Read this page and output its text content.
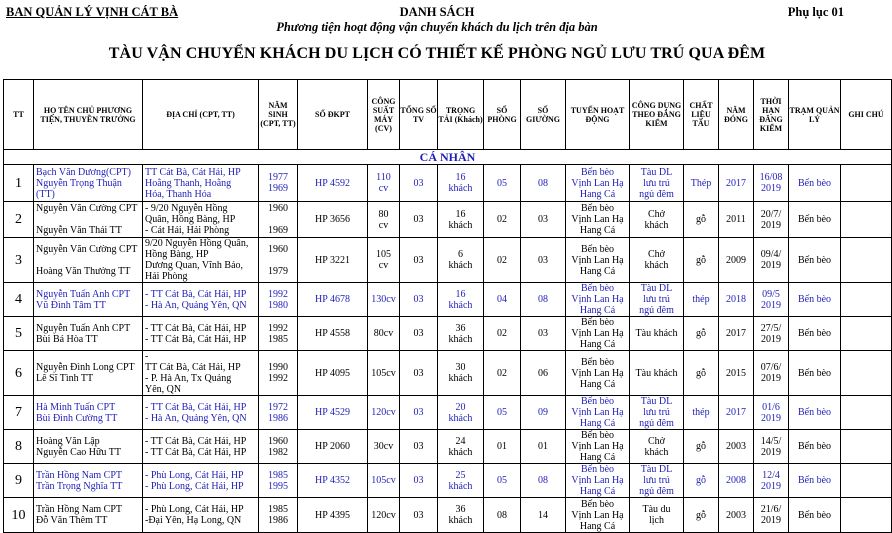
BAN QUẢN LÝ VỊNH CÁT BÀ	DANH SÁCH	Phụ lục 01
Phương tiện hoạt động vận chuyển khách du lịch trên địa bàn
TÀU VẬN CHUYỂN KHÁCH DU LỊCH CÓ THIẾT KẾ PHÒNG NGỦ LƯU TRÚ QUA ĐÊM
TT	HỌ TÊN CHỦ PHƯƠNG TIỆN, THUYỀN TRƯỞNG	ĐỊA CHỈ (CPT, TT)	NĂM SINH (CPT, TT)	SỐ ĐKPT	CÔNG SUẤT MÁY (CV)	TỔNG SỐ TV	TRỌNG TẢI (Khách)	SỐ PHÒNG	SỐ GIƯỜNG	TUYẾN HOẠT ĐỘNG	CÔNG DỤNG THEO ĐĂNG KIỂM	CHẤT LIỆU TẦU	NĂM ĐÓNG	THỜI HẠN ĐĂNG KIỂM	TRẠM QUẢN LÝ	GHI CHÚ
CÁ NHÂN																
1	Bạch Văn Dương(CPT)
Nguyễn Trọng Thuận (TT)	TT Cát Bà, Cát Hải, HP
Hoằng Thanh, Hoằng
Hóa, Thanh Hóa	1977
1969	HP 4592	110
cv	03	16
khách	05	08	Bến bèo
Vịnh Lan Hạ
Hang Cá	Tàu DL
lưu trú
ngủ đêm	Thép	2017	16/08
2019	Bến bèo	
2	Nguyễn Văn Cường CPT

Nguyễn Văn Thái TT	- 9/20 Nguyễn Hồng
Quân, Hồng Bàng, HP
- Cát Hải, Hải Phòng	1960

1969	HP 3656	80
cv	03	16
khách	02	03	Bến bèo
Vịnh Lan Hạ
Hang Cá	Chở
khách	gỗ	2011	20/7/
2019	Bến bèo	
3	Nguyễn Văn Cường CPT

Hoàng Văn Thưởng TT	9/20 Nguyễn Hồng Quân,
Hồng Bàng, HP
Dương Quan, Vĩnh Bảo,
Hải Phòng	1960

1979	HP 3221	105
cv	03	6
khách	02	03	Bến bèo
Vịnh Lan Hạ
Hang Cá	Chở
khách	gỗ	2009	09/4/
2019	Bến bèo	
4	Nguyễn Tuấn Anh CPT
Vũ Đình Tâm TT	- TT Cát Bà, Cát Hải, HP
- Hà An, Quảng Yên, QN	1992
1980	HP 4678	130cv	03	16
khách	04	08	Bến bèo
Vịnh Lan Hạ
Hang Cá	Tàu DL
lưu trú
ngủ đêm	thép	2018	09/5
2019	Bến bèo	
5	Nguyễn Tuấn Anh CPT
Bùi Bá Hòa TT	- TT Cát Bà, Cát Hải, HP
- TT Cát Bà, Cát Hải, HP	1992
1985	HP 4558	80cv	03	36
khách	02	03	Bến bèo
Vịnh Lan Hạ
Hang Cá	Tàu khách	gỗ	2017	27/5/
2019	Bến bèo	
6	Nguyễn Đình Long CPT
Lê Sĩ Tình TT	-
TT Cát Bà, Cát Hải, HP
- P. Hà An, Tx Quảng
Yên, QN	1990
1992	HP 4095	105cv	03	30
khách	02	06	Bến bèo
Vịnh Lan Hạ
Hang Cá	Tàu khách	gỗ	2015	07/6/
2019	Bến bèo	
7	Hà Minh Tuấn CPT
Bùi Đình Cường TT	- TT Cát Bà, Cát Hải, HP
- Hà An, Quảng Yên, QN	1972
1986	HP 4529	120cv	03	20
khách	05	09	Bến bèo
Vịnh Lan Hạ
Hang Cá	Tàu DL
lưu trú
ngủ đêm	thép	2017	01/6
2019	Bến bèo	
8	Hoàng Văn Lập
Nguyễn Cao Hữu TT	- TT Cát Bà, Cát Hải, HP
- TT Cát Bà, Cát Hải, HP	1960
1982	HP 2060	30cv	03	24
khách	01	01	Bến bèo
Vịnh Lan Hạ
Hang Cá	Chở
khách	gỗ	2003	14/5/
2019	Bến bèo	
9	Trần Hồng Nam CPT
Trần Trọng Nghĩa TT	- Phù Long, Cát Hải, HP
- Phù Long, Cát Hải, HP	1985
1995	HP 4352	105cv	03	25
khách	05	08	Bến bèo
Vịnh Lan Hạ
Hang Cá	Tàu DL
lưu trú
ngủ đêm	gỗ	2008	12/4
2019	Bến bèo	
10	Trần Hồng Nam CPT
Đỗ Văn Thêm TT	- Phù Long, Cát Hải, HP
-Đại Yên, Hạ Long, QN	1985
1986	HP 4395	120cv	03	36
khách	08	14	Bến bèo
Vịnh Lan Hạ
Hang Cá	Tàu du
lịch	gỗ	2003	21/6/
2019	Bến bèo	
